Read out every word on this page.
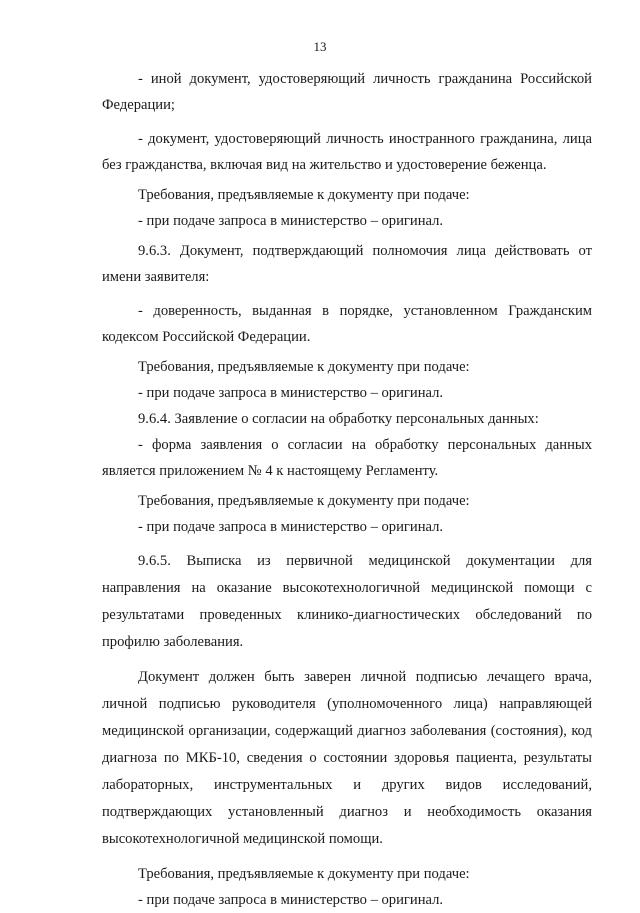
13

- иной документ, удостоверяющий личность гражданина Российской Федерации;

- документ, удостоверяющий личность иностранного гражданина, лица без гражданства, включая вид на жительство и удостоверение беженца.

Требования, предъявляемые к документу при подаче:

- при подаче запроса в министерство – оригинал.

9.6.3. Документ, подтверждающий полномочия лица действовать от имени заявителя:

- доверенность, выданная в порядке, установленном Гражданским кодексом Российской Федерации.

Требования, предъявляемые к документу при подаче:

- при подаче запроса в министерство – оригинал.

9.6.4. Заявление о согласии на обработку персональных данных:

- форма заявления о согласии на обработку персональных данных является приложением № 4 к настоящему Регламенту.

Требования, предъявляемые к документу при подаче:

- при подаче запроса в министерство – оригинал.

9.6.5. Выписка из первичной медицинской документации для направления на оказание высокотехнологичной медицинской помощи с результатами проведенных клинико-диагностических обследований по профилю заболевания.

Документ должен быть заверен личной подписью лечащего врача, личной подписью руководителя (уполномоченного лица) направляющей медицинской организации, содержащий диагноз заболевания (состояния), код диагноза по МКБ-10, сведения о состоянии здоровья пациента, результаты лабораторных, инструментальных и других видов исследований, подтверждающих установленный диагноз и необходимость оказания высокотехнологичной медицинской помощи.

Требования, предъявляемые к документу при подаче:

- при подаче запроса в министерство – оригинал.
